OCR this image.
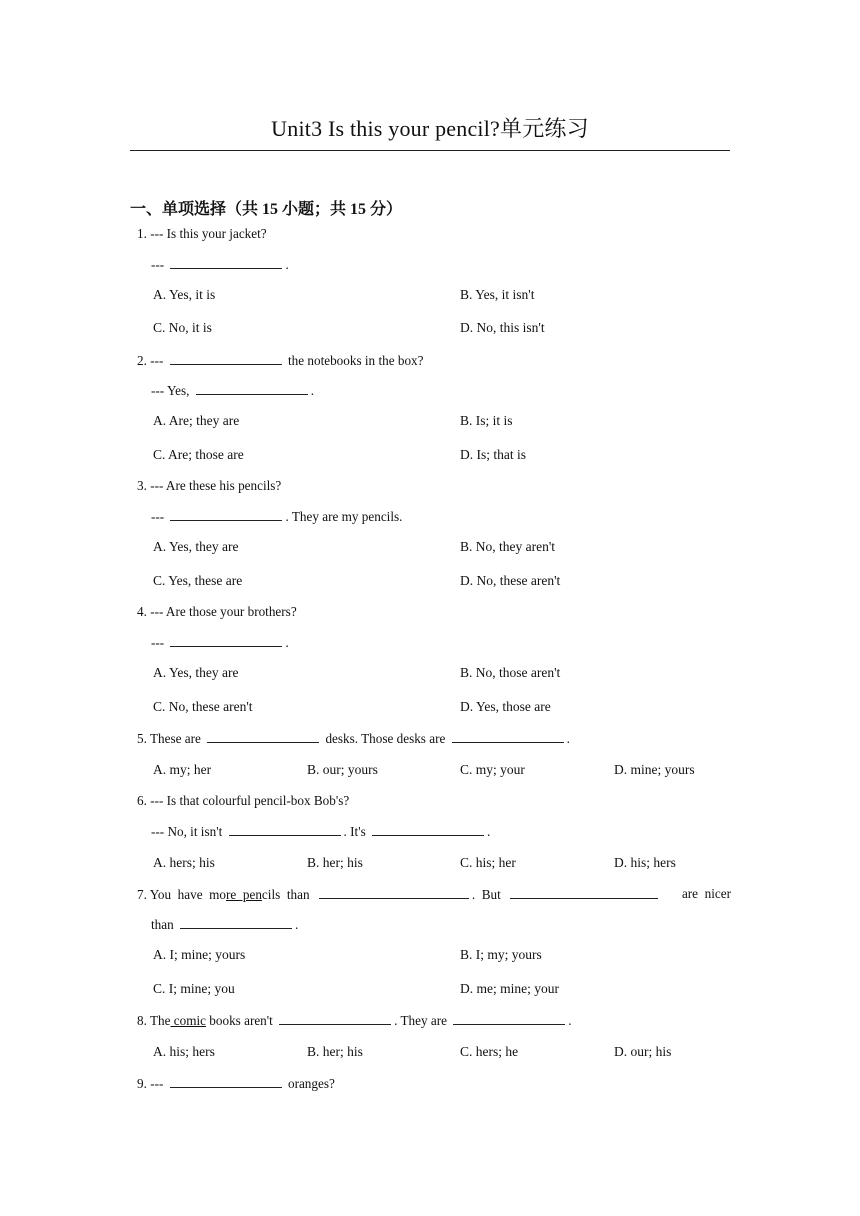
Unit3 Is this your pencil?单元练习
一、单项选择（共 15 小题；共 15 分）
1. --- Is this your jacket?
---	.
A. Yes, it is	B. Yes, it isn't
C. No, it is	D. No, this isn't
2. ---	the notebooks in the box?
--- Yes,	.
A. Are; they are	B. Is; it is
C. Are; those are	D. Is; that is
3. --- Are these his pencils?
---	. They are my pencils.
A. Yes, they are	B. No, they aren't
C. Yes, these are	D. No, these aren't
4. --- Are those your brothers?
---	.
A. Yes, they are	B. No, those aren't
C. No, these aren't	D. Yes, those are
5. These are	desks. Those desks are	.
A. my; her	B. our; yours	C. my; your	D. mine; yours
6. --- Is that colourful pencil-box Bob's?
--- No, it isn't	. It's	.
A. hers; his	B. her; his	C. his; her	D. his; hers
7. You  have  more  pencils  than	.  But	are  nicer
than	.
A. I; mine; yours	B. I; my; yours
C. I; mine; you	D. me; mine; your
8. The comic books aren't	. They are	.
A. his; hers	B. her; his	C. hers; he	D. our; his
9. ---	oranges?
